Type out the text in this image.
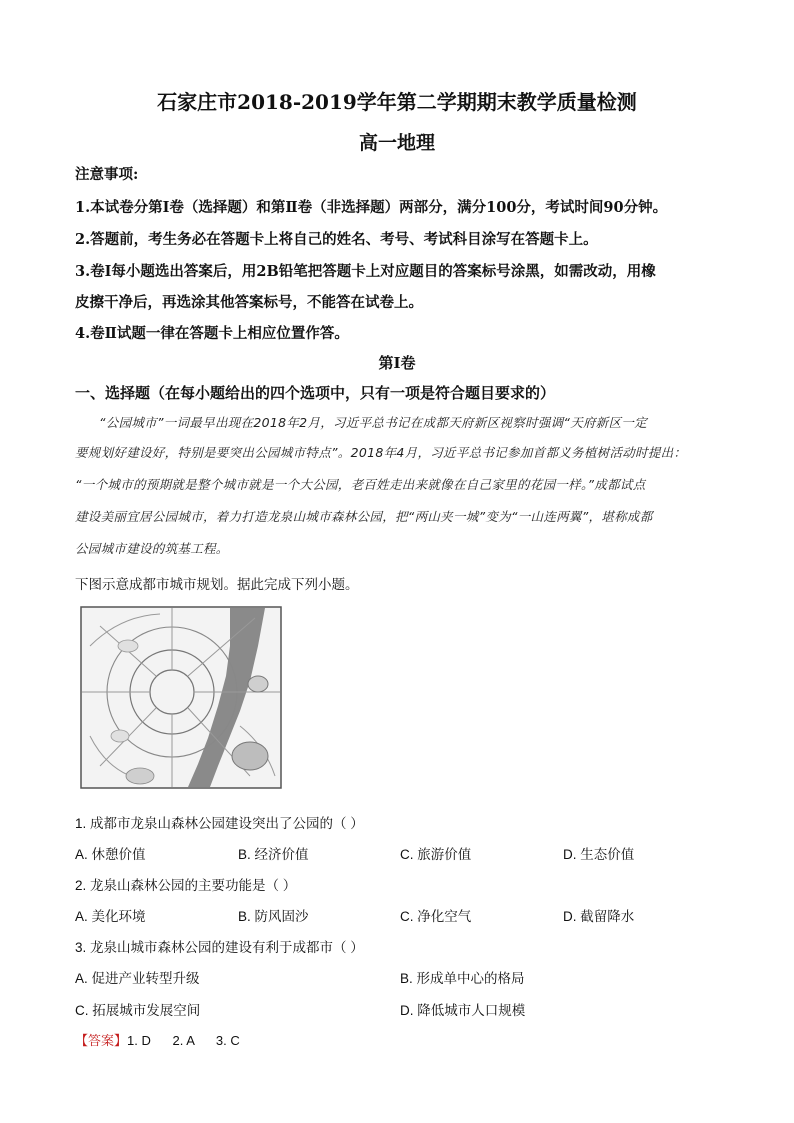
石家庄市2018-2019学年第二学期期末教学质量检测
高一地理
注意事项:
1.本试卷分第Ⅰ卷（选择题）和第Ⅱ卷（非选择题）两部分，满分100分，考试时间90分钟。
2.答题前，考生务必在答题卡上将自己的姓名、考号、考试科目涂写在答题卡上。
3.卷Ⅰ每小题选出答案后，用2B铅笔把答题卡上对应题目的答案标号涂黑，如需改动，用橡
皮擦干净后，再选涂其他答案标号，不能答在试卷上。
4.卷Ⅱ试题一律在答题卡上相应位置作答。
第Ⅰ卷
一、选择题（在每小题给出的四个选项中，只有一项是符合题目要求的）
“公园城市”一词最早出现在2018年2月，习近平总书记在成都天府新区视察时强调“天府新区一定
要规划好建设好，特别是要突出公园城市特点”。2018年4月，习近平总书记参加首都义务植树活动时提出：
“一个城市的预期就是整个城市就是一个大公园，老百姓走出来就像在自己家里的花园一样。”成都试点
建设美丽宜居公园城市，着力打造龙泉山城市森林公园，把“两山夹一城”变为“一山连两翼”，堪称成都
公园城市建设的筑基工程。
下图示意成都市城市规划。据此完成下列小题。
1. 成都市龙泉山森林公园建设突出了公园的（ ）
A. 休憩价值	B. 经济价值	C. 旅游价值	D. 生态价值
2. 龙泉山森林公园的主要功能是（ ）
A. 美化环境	B. 防风固沙	C. 净化空气	D. 截留降水
3. 龙泉山城市森林公园的建设有利于成都市（ ）
A. 促进产业转型升级	B. 形成单中心的格局
C. 拓展城市发展空间	D. 降低城市人口规模
【答案】1. D      2. A      3. C
